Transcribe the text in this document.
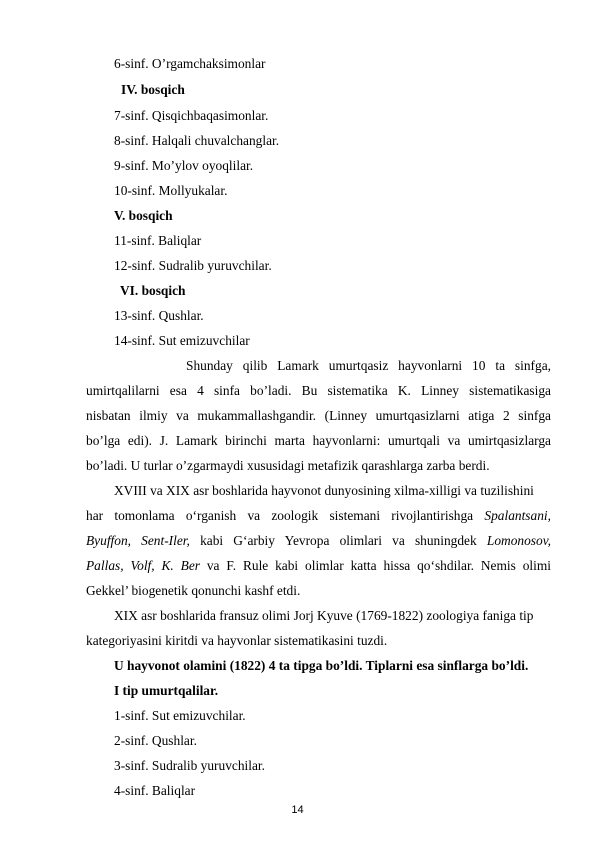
6-sinf. O’rgamchaksimonlar
IV. bosqich
7-sinf. Qisqichbaqasimonlar.
8-sinf. Halqali chuvalchanglar.
9-sinf. Mo’ylov oyoqlilar.
10-sinf. Mollyukalar.
V. bosqich
11-sinf. Baliqlar
12-sinf. Sudralib yuruvchilar.
VI. bosqich
13-sinf. Qushlar.
14-sinf. Sut emizuvchilar
Shunday qilib Lamark umurtqasiz hayvonlarni 10 ta sinfga,
umirtqalilarni esa 4 sinfa bo’ladi. Bu sistematika K. Linney sistematikasiga
nisbatan ilmiy va mukammallashgandir. (Linney umurtqasizlarni atiga 2 sinfga
bo’lga edi). J. Lamark birinchi marta hayvonlarni: umurtqali va umirtqasizlarga
bo’ladi. U turlar o’zgarmaydi xususidagi metafizik qarashlarga zarba berdi.
XVIII va XIX asr boshlarida hayvonot dunyosining xilma-xilligi va tuzilishini
har tomonlama o‘rganish va zoologik sistemani rivojlantirishga Spalantsani,
Byuffon, Sent-Iler, kabi G‘arbiy Yevropa olimlari va shuningdek Lomonosov,
Pallas, Volf, K. Ber va F. Rule kabi olimlar katta hissa qo‘shdilar. Nemis olimi
Gekkel’ biogenetik qonunchi kashf etdi.
XIX asr boshlarida fransuz olimi Jorj Kyuve (1769-1822) zoologiya faniga tip
kategoriyasini kiritdi va hayvonlar sistematikasini tuzdi.
U hayvonot olamini (1822) 4 ta tipga bo’ldi. Tiplarni esa sinflarga bo’ldi.
I tip umurtqalilar.
1-sinf. Sut emizuvchilar.
2-sinf. Qushlar.
3-sinf. Sudralib yuruvchilar.
4-sinf. Baliqlar
14
